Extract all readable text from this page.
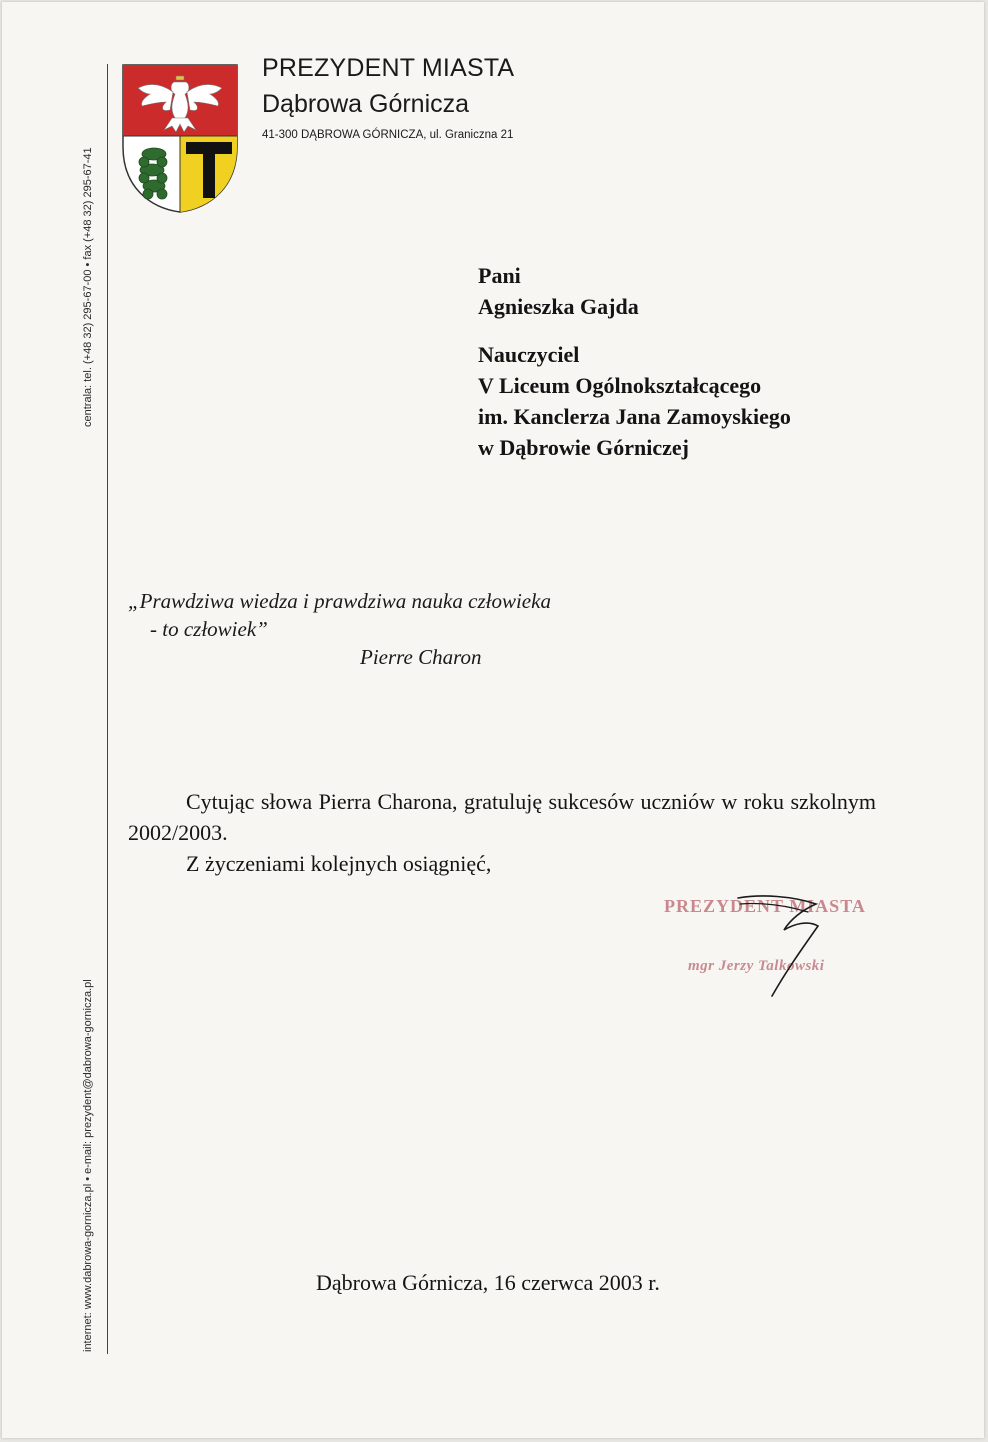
PREZYDENT MIASTA
Dąbrowa Górnicza
41-300 DĄBROWA GÓRNICZA, ul. Graniczna 21
centrala: tel. (+48 32) 295-67-00 • fax (+48 32) 295-67-41
internet: www.dabrowa-gornicza.pl • e-mail: prezydent@dabrowa-gornicza.pl
Pani
Agnieszka Gajda
Nauczyciel
V Liceum Ogólnokształcącego
im. Kanclerza Jana Zamoyskiego
w Dąbrowie Górniczej
„Prawdziwa wiedza i prawdziwa nauka człowieka
- to człowiek”
Pierre Charon

Cytując słowa Pierra Charona, gratuluję sukcesów uczniów w roku szkolnym 2002/2003.

Z życzeniami kolejnych osiągnięć,

PREZYDENT MIASTA
mgr Jerzy Talkowski
Dąbrowa Górnicza, 16 czerwca 2003 r.
